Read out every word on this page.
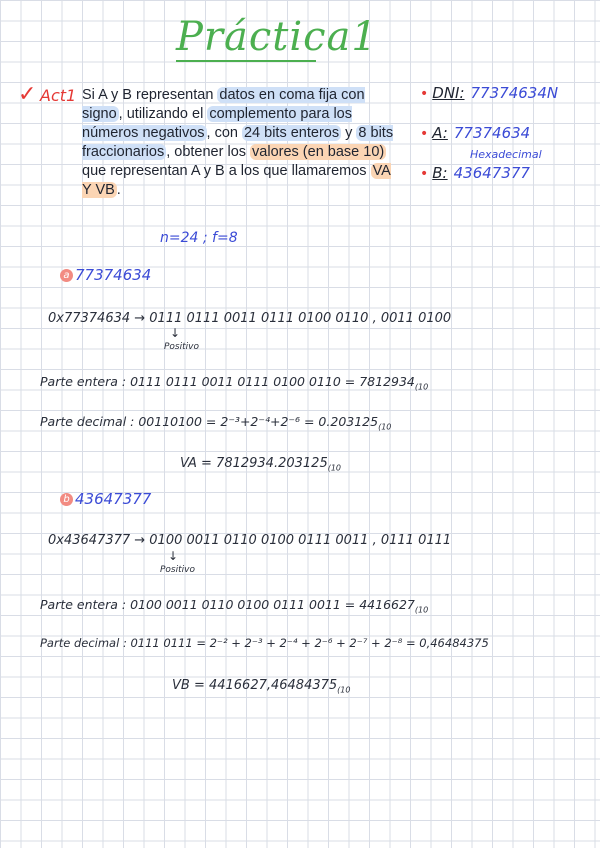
Práctica1
✓ Act1 Si A y B representan datos en coma fija con signo , utilizando el complemento para los números negativos , con 24 bits enteros y 8 bits fraccionarios , obtener los valores (en base 10) que representan A y B a los que llamaremos VA Y VB .
• DNI: 77374634N
• A: 77374634
Hexadecimal
• B: 43647377
n=24 ; f=8
a 77374634
0x77374634 → 0111 0111 0011 0111 0100 0110 , 0011 0100
↓
Positivo
Parte entera : 0111 0111 0011 0111 0100 $0110 = 7812934_{(10}$
Parte decimal : $00110100 = 2^{-3}+2^{-4}+2^{-6} = 0.203125_{(10}$
VA = $7812934.203125_{(10}$
b 43647377
0x43647377 → 0100 0011 0110 0100 0111 0011 , 0111 0111
↓
Positivo
Parte entera : 0100 0011 0110 0100 0111 $0011 = 4416627_{(10}$
Parte decimal : 0111 0111 = 2⁻² + 2⁻³ + 2⁻⁴ + 2⁻⁶ + 2⁻⁷ + 2⁻⁸ = 0,46484375
VB = $4416627,46484375_{(10}$
